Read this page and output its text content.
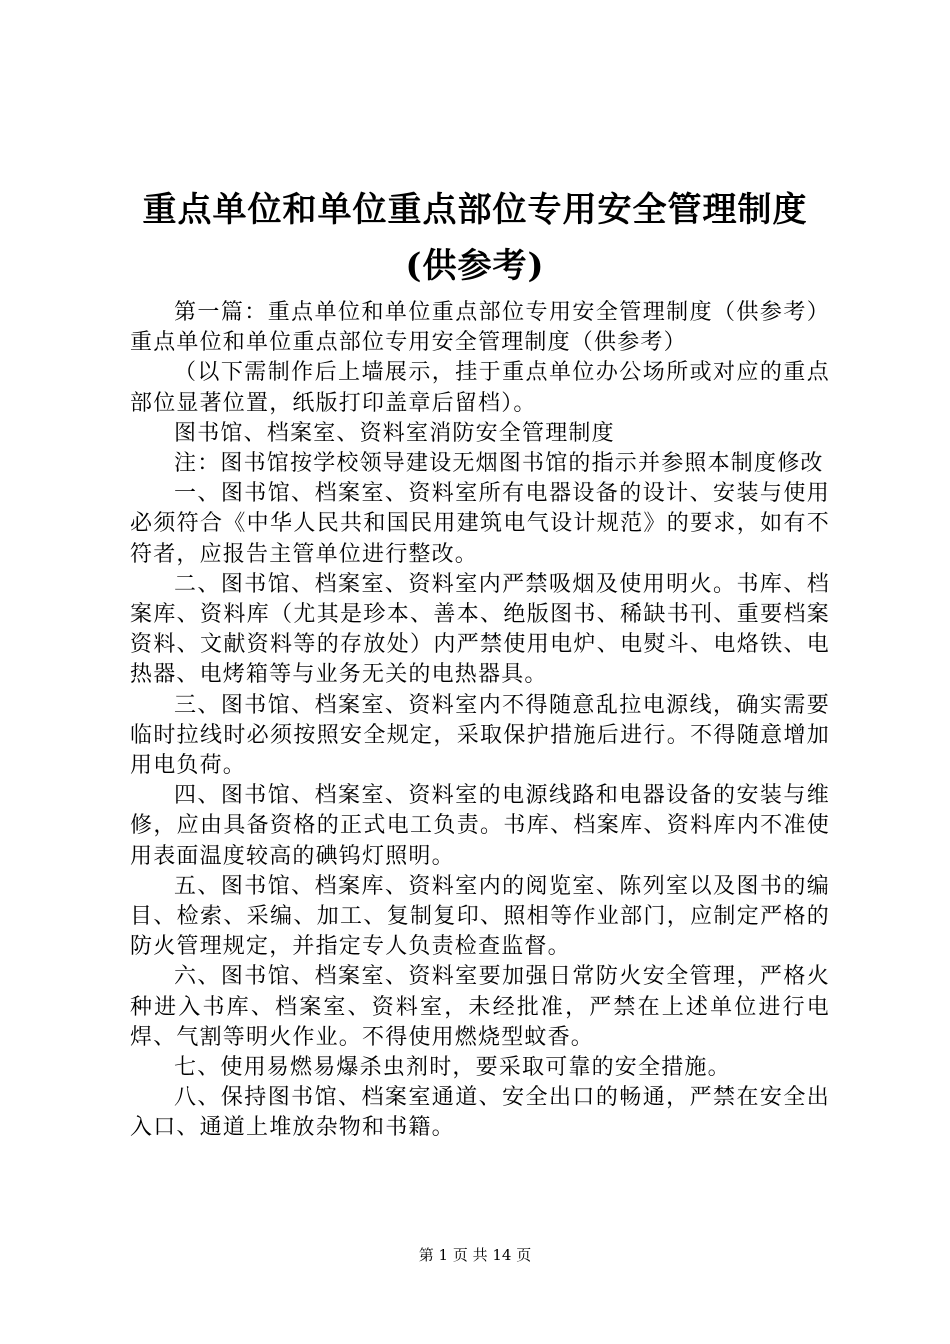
重点单位和单位重点部位专用安全管理制度
(供参考)

第一篇：重点单位和单位重点部位专用安全管理制度（供参考）重点单位和单位重点部位专用安全管理制度（供参考）

（以下需制作后上墙展示，挂于重点单位办公场所或对应的重点部位显著位置，纸版打印盖章后留档）。

图书馆、档案室、资料室消防安全管理制度

注：图书馆按学校领导建设无烟图书馆的指示并参照本制度修改

一、图书馆、档案室、资料室所有电器设备的设计、安装与使用必须符合《中华人民共和国民用建筑电气设计规范》的要求，如有不符者，应报告主管单位进行整改。

二、图书馆、档案室、资料室内严禁吸烟及使用明火。书库、档案库、资料库（尤其是珍本、善本、绝版图书、稀缺书刊、重要档案资料、文献资料等的存放处）内严禁使用电炉、电熨斗、电烙铁、电热器、电烤箱等与业务无关的电热器具。

三、图书馆、档案室、资料室内不得随意乱拉电源线，确实需要临时拉线时必须按照安全规定，采取保护措施后进行。不得随意增加用电负荷。

四、图书馆、档案室、资料室的电源线路和电器设备的安装与维修，应由具备资格的正式电工负责。书库、档案库、资料库内不准使用表面温度较高的碘钨灯照明。

五、图书馆、档案库、资料室内的阅览室、陈列室以及图书的编目、检索、采编、加工、复制复印、照相等作业部门，应制定严格的防火管理规定，并指定专人负责检查监督。

六、图书馆、档案室、资料室要加强日常防火安全管理，严格火种进入书库、档案室、资料室，未经批准，严禁在上述单位进行电焊、气割等明火作业。不得使用燃烧型蚊香。

七、使用易燃易爆杀虫剂时，要采取可靠的安全措施。

八、保持图书馆、档案室通道、安全出口的畅通，严禁在安全出入口、通道上堆放杂物和书籍。

第 1 页 共 14 页
